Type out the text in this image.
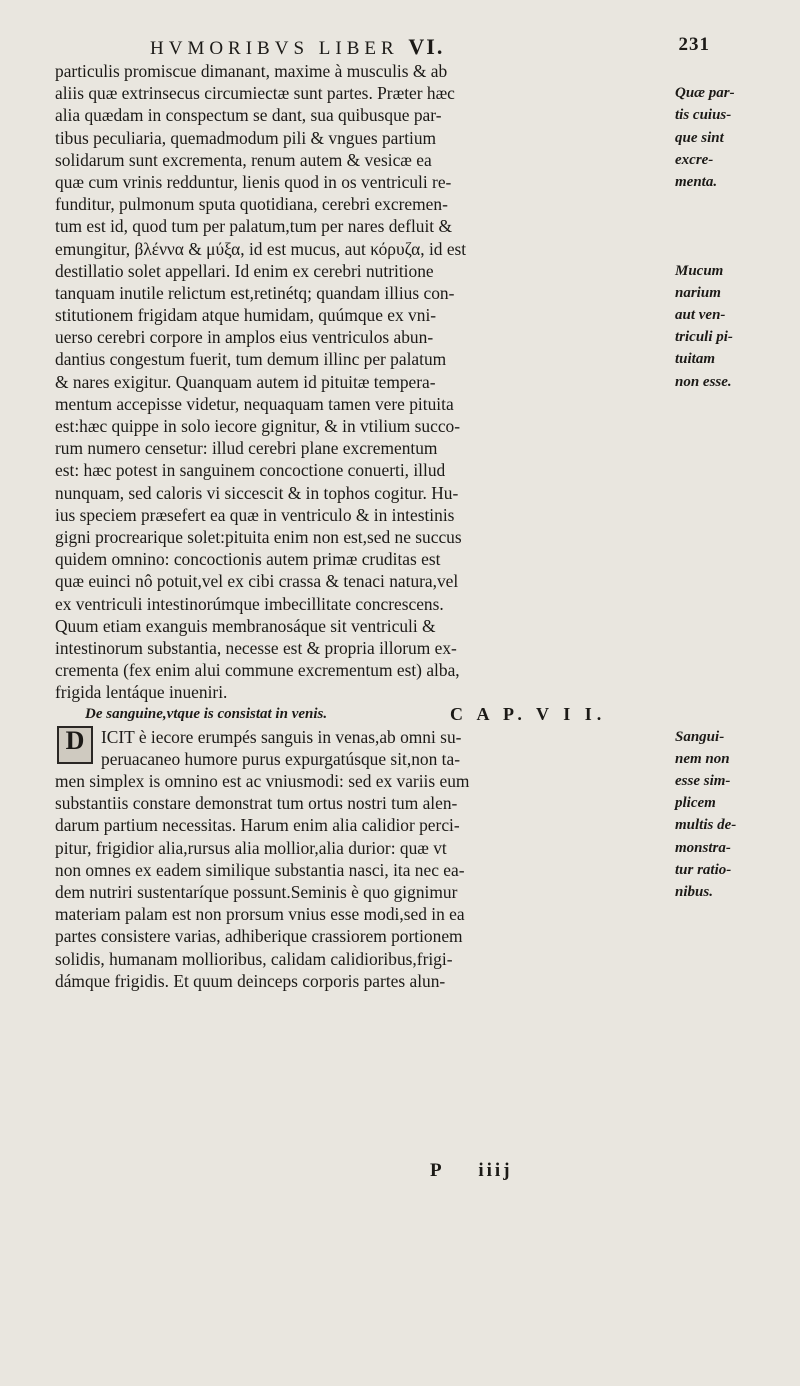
HVMORIBVS LIBER VI.	231
particulis promiscue dimanant, maxime à musculis & ab
aliis quæ extrinsecus circumiectæ sunt partes. Præter hæc	Quæ par-
alia quædam in conspectum se dant, sua quibusque par-	tis cuius-
tibus peculiaria, quemadmodum pili & vngues partium	que sint
solidarum sunt excrementa, renum autem & vesicæ ea	excre-
quæ cum vrinis redduntur, lienis quod in os ventriculi re-	menta.
funditur, pulmonum sputa quotidiana, cerebri excremen-
tum est id, quod tum per palatum,tum per nares defluit &
emungitur, βλέννα & μύξα, id est mucus, aut κόρυζα, id est
destillatio solet appellari. Id enim ex cerebri nutritione	Mucum
tanquam inutile relictum est,retinétq; quandam illius con-	narium
stitutionem frigidam atque humidam, quúmque ex vni-	aut ven-
uerso cerebri corpore in amplos eius ventriculos abun-	triculi pi-
dantius congestum fuerit, tum demum illinc per palatum	tuitam
& nares exigitur. Quanquam autem id pituitæ tempera-	non esse.
mentum accepisse videtur, nequaquam tamen vere pituita
est:hæc quippe in solo iecore gignitur, & in vtilium succo-
rum numero censetur: illud cerebri plane excrementum
est: hæc potest in sanguinem concoctione conuerti, illud
nunquam, sed caloris vi siccescit & in tophos cogitur. Hu-
ius speciem præsefert ea quæ in ventriculo & in intestinis
gigni procrearique solet:pituita enim non est,sed ne succus
quidem omnino: concoctionis autem primæ cruditas est
quæ euinci nô potuit,vel ex cibi crassa & tenaci natura,vel
ex ventriculi intestinorúmque imbecillitate concrescens.
Quum etiam exanguis membranosáque sit ventriculi &
intestinorum substantia, necesse est & propria illorum ex-
crementa (fex enim alui commune excrementum est) alba,
frigida lentáque inueniri.
De sanguine,vtque is consistat in venis.	C A P. V I I.
ICIT è iecore erumpés sanguis in venas,ab omni su-	Sangui-
D
peruacaneo humore purus expurgatúsque sit,non ta-	nem non
men simplex is omnino est ac vniusmodi: sed ex variis eum	esse sim-
substantiis constare demonstrat tum ortus nostri tum alen-	plicem
darum partium necessitas. Harum enim alia calidior perci-	multis de-
pitur, frigidior alia,rursus alia mollior,alia durior: quæ vt	monstra-
non omnes ex eadem similique substantia nasci, ita nec ea-	tur ratio-
dem nutriri sustentaríque possunt.Seminis è quo gignimur	nibus.
materiam palam est non prorsum vnius esse modi,sed in ea
partes consistere varias, adhiberique crassiorem portionem
solidis, humanam mollioribus, calidam calidioribus,frigi-
dámque frigidis. Et quum deinceps corporis partes alun-
P iiij
